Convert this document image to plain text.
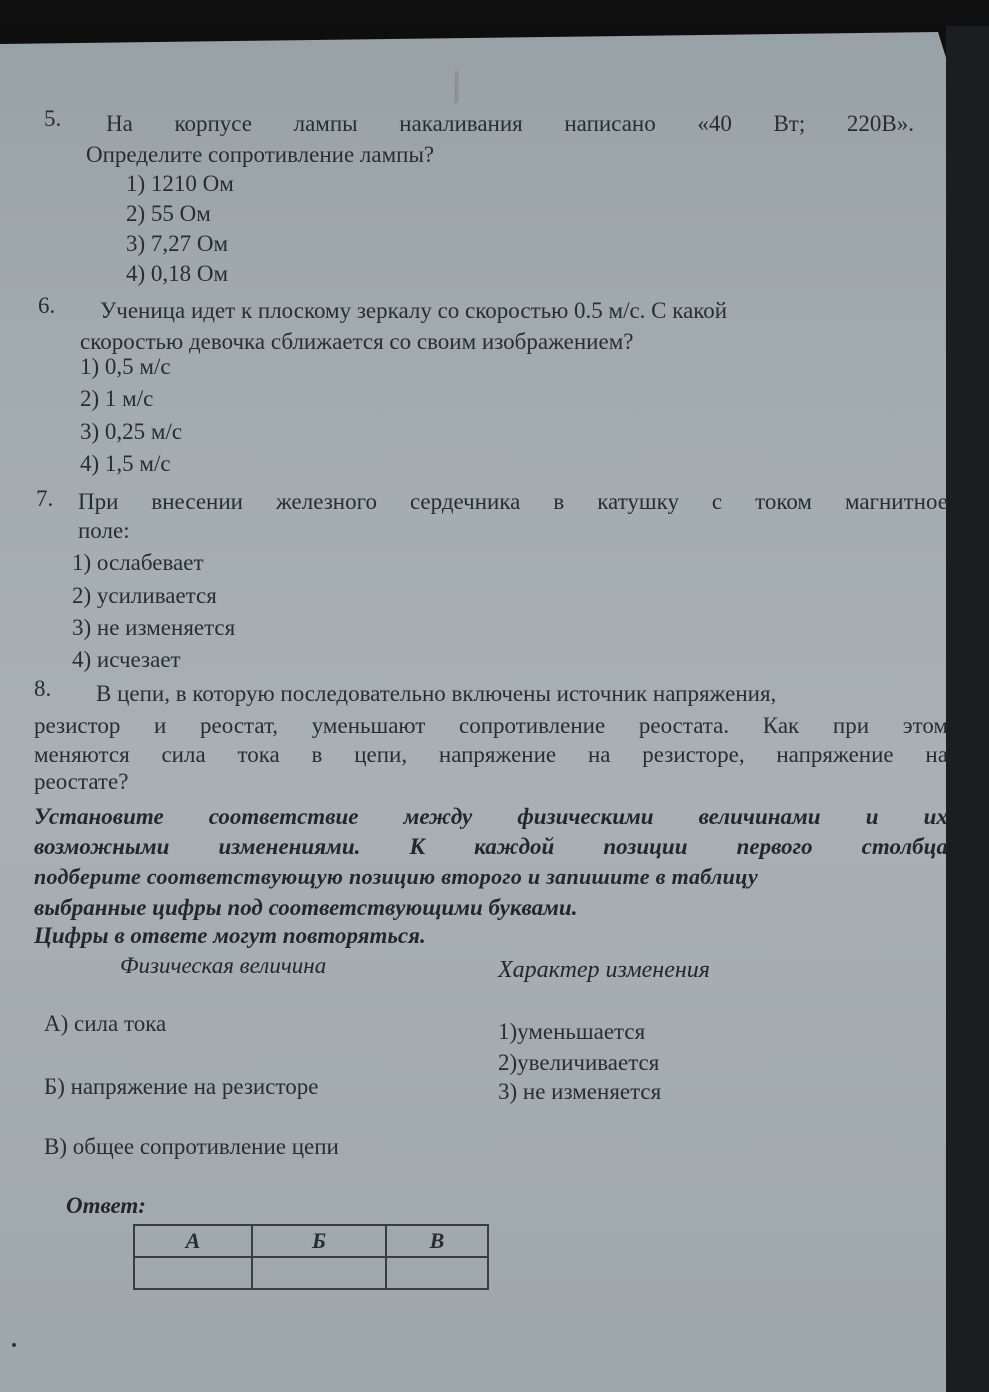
Ⅰ
5. На корпусе лампы накаливания написано «40 Вт; 220В».
Определите сопротивление лампы?
1) 1210 Ом
2) 55 Ом
3) 7,27 Ом
4) 0,18 Ом
6. Ученица идет к плоскому зеркалу со скоростью 0.5 м/с. С какой
скоростью девочка сближается со своим изображением?
1) 0,5 м/с
2) 1 м/с
3) 0,25 м/с
4) 1,5 м/с
7. При внесении железного сердечника в катушку с током магнитное
поле:
1) ослабевает
2) усиливается
3) не изменяется
4) исчезает
8. В цепи, в которую последовательно включены источник напряжения,
резистор и реостат, уменьшают сопротивление реостата. Как при этом
меняются сила тока в цепи, напряжение на резисторе, напряжение на
реостате?
Установите соответствие между физическими величинами и их
возможными изменениями. К каждой позиции первого столбца
подберите соответствующую позицию второго и запишите в таблицу
выбранные цифры под соответствующими буквами.
Цифры в ответе могут повторяться.
Физическая величина	Характер изменения
А) сила тока
Б) напряжение на резисторе
В) общее сопротивление цепи
1)уменьшается
2)увеличивается
3) не изменяется
Ответ:
А	Б	В
